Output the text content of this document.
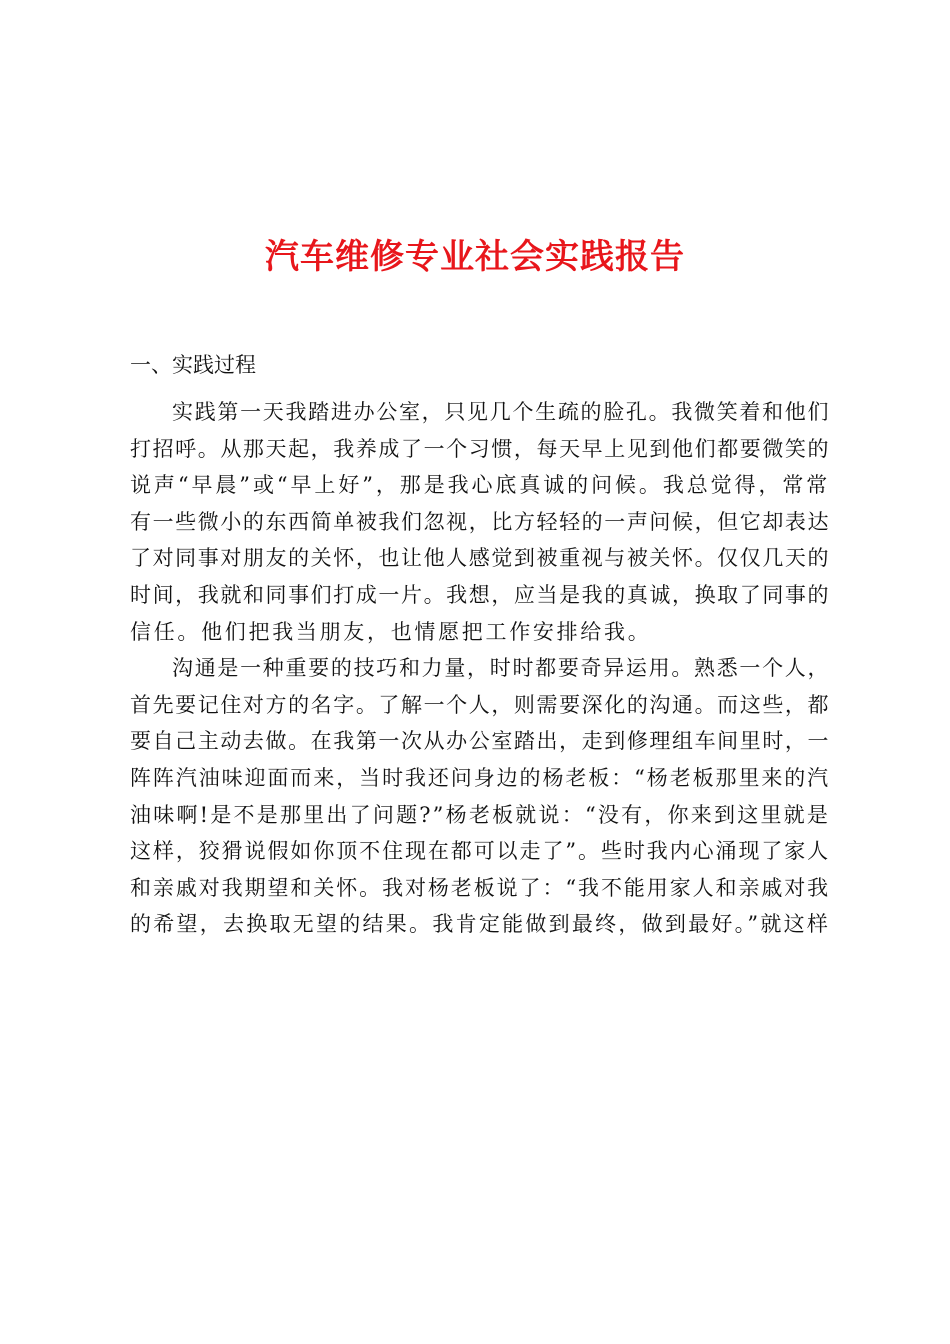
汽车维修专业社会实践报告

一、实践过程

实践第一天我踏进办公室，只见几个生疏的脸孔。我微笑着和他们
打招呼。从那天起，我养成了一个习惯，每天早上见到他们都要微笑的
说声“早晨”或“早上好”，那是我心底真诚的问候。我总觉得，常常
有一些微小的东西简单被我们忽视，比方轻轻的一声问候，但它却表达
了对同事对朋友的关怀，也让他人感觉到被重视与被关怀。仅仅几天的
时间，我就和同事们打成一片。我想，应当是我的真诚，换取了同事的
信任。他们把我当朋友，也情愿把工作安排给我。
沟通是一种重要的技巧和力量，时时都要奇异运用。熟悉一个人，
首先要记住对方的名字。了解一个人，则需要深化的沟通。而这些，都
要自己主动去做。在我第一次从办公室踏出，走到修理组车间里时，一
阵阵汽油味迎面而来，当时我还问身边的杨老板：“杨老板那里来的汽
油味啊!是不是那里出了问题?”杨老板就说：“没有，你来到这里就是
这样，狡猾说假如你顶不住现在都可以走了”。些时我内心涌现了家人
和亲戚对我期望和关怀。我对杨老板说了：“我不能用家人和亲戚对我
的希望，去换取无望的结果。我肯定能做到最终，做到最好。”就这样
